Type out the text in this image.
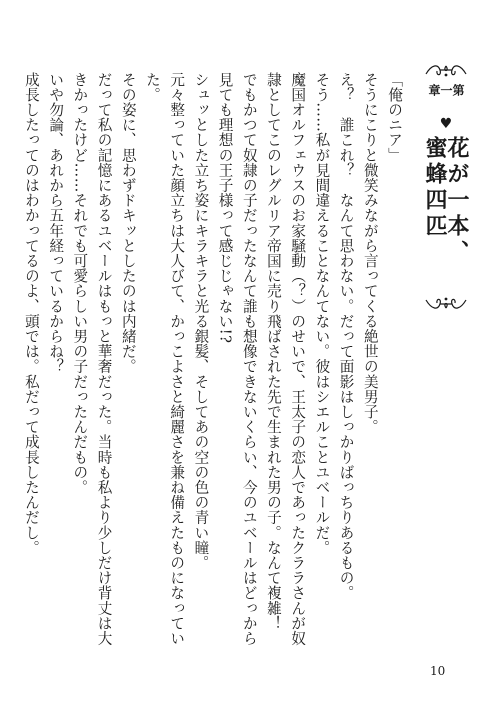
第一章
♥
花が一本、蜜蜂四匹

「俺のニア」

そうにこりと微笑みながら言ってくる絶世の美男子。

え？　誰これ？　なんて思わない。だって面影はしっかりばっちりあるもの。

そう……私が見間違えることなんてない。彼はシエルことユベールだ。

魔国オルフェウスのお家騒動（？）のせいで、王太子の恋人であったクララさんが奴隷としてこのレグルリア帝国に売り飛ばされた先で生まれた男の子。なんて複雑！

でもかつて奴隷の子だったなんて誰も想像できないくらい、今のユベールはどっから見ても理想の王子様って感じじゃない!?

シュッとした立ち姿にキラキラと光る銀髪、そしてあの空の色の青い瞳。

元々整っていた顔立ちは大人びて、かっこよさと綺麗さを兼ね備えたものになっていた。

その姿に、思わずドキッとしたのは内緒だ。

だって私の記憶にあるユベールはもっと華奢だった。当時も私より少しだけ背丈は大きかったけど……それでも可愛らしい男の子だったんだもの。

いや勿論、あれから五年経っているからね？

成長したってのはわかってるのよ、頭では。私だって成長したんだし。

10
